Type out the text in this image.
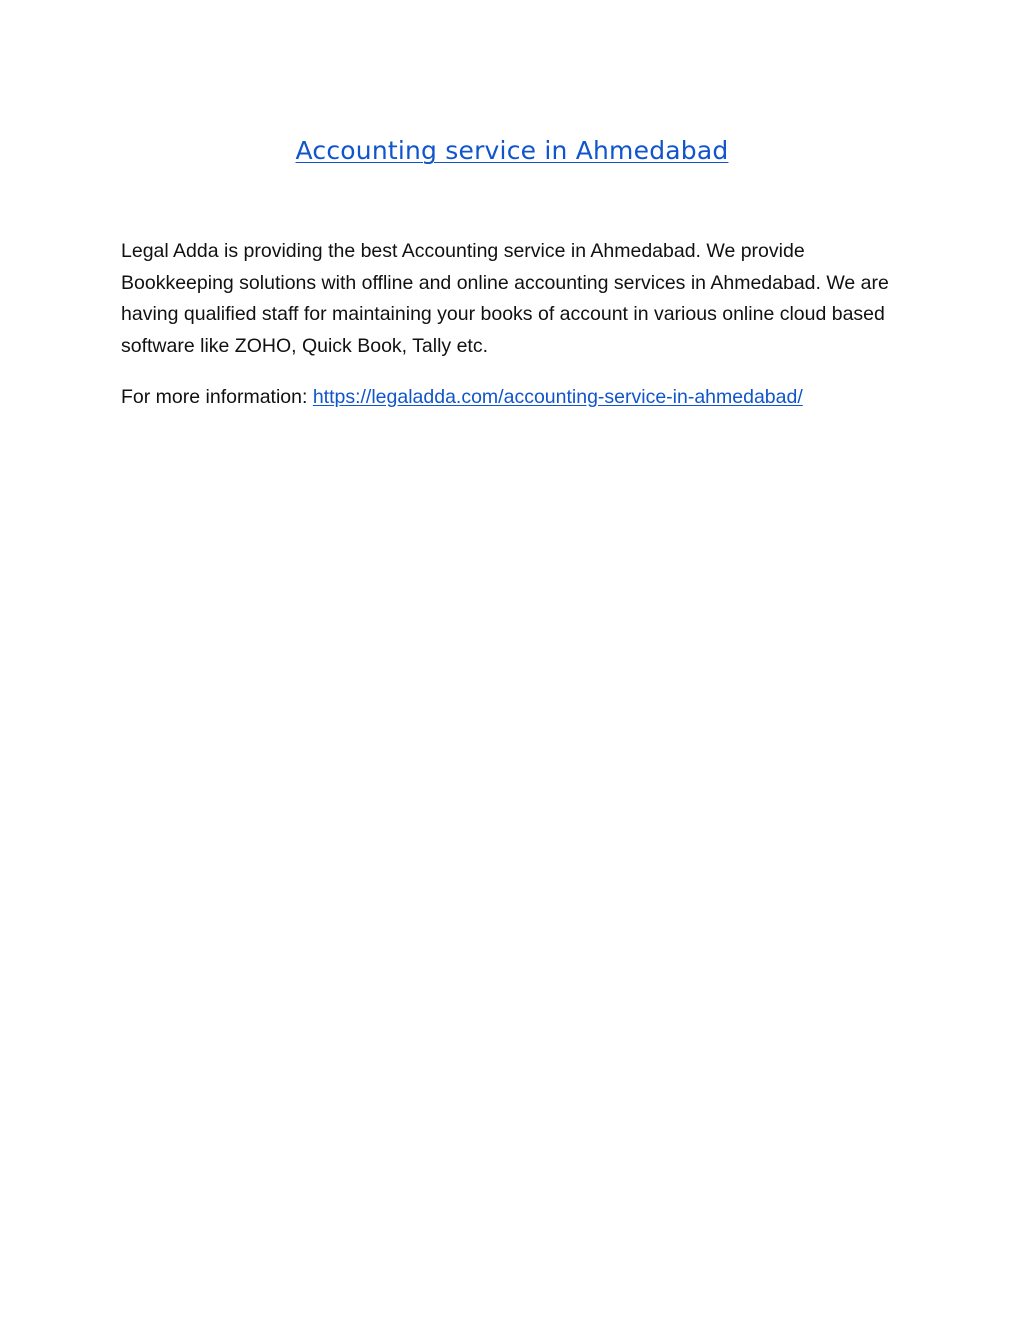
Accounting service in Ahmedabad

Legal Adda is providing the best Accounting service in Ahmedabad. We provide Bookkeeping solutions with offline and online accounting services in Ahmedabad. We are having qualified staff for maintaining your books of account in various online cloud based software like ZOHO, Quick Book, Tally etc.

For more information: https://legaladda.com/accounting-service-in-ahmedabad/
